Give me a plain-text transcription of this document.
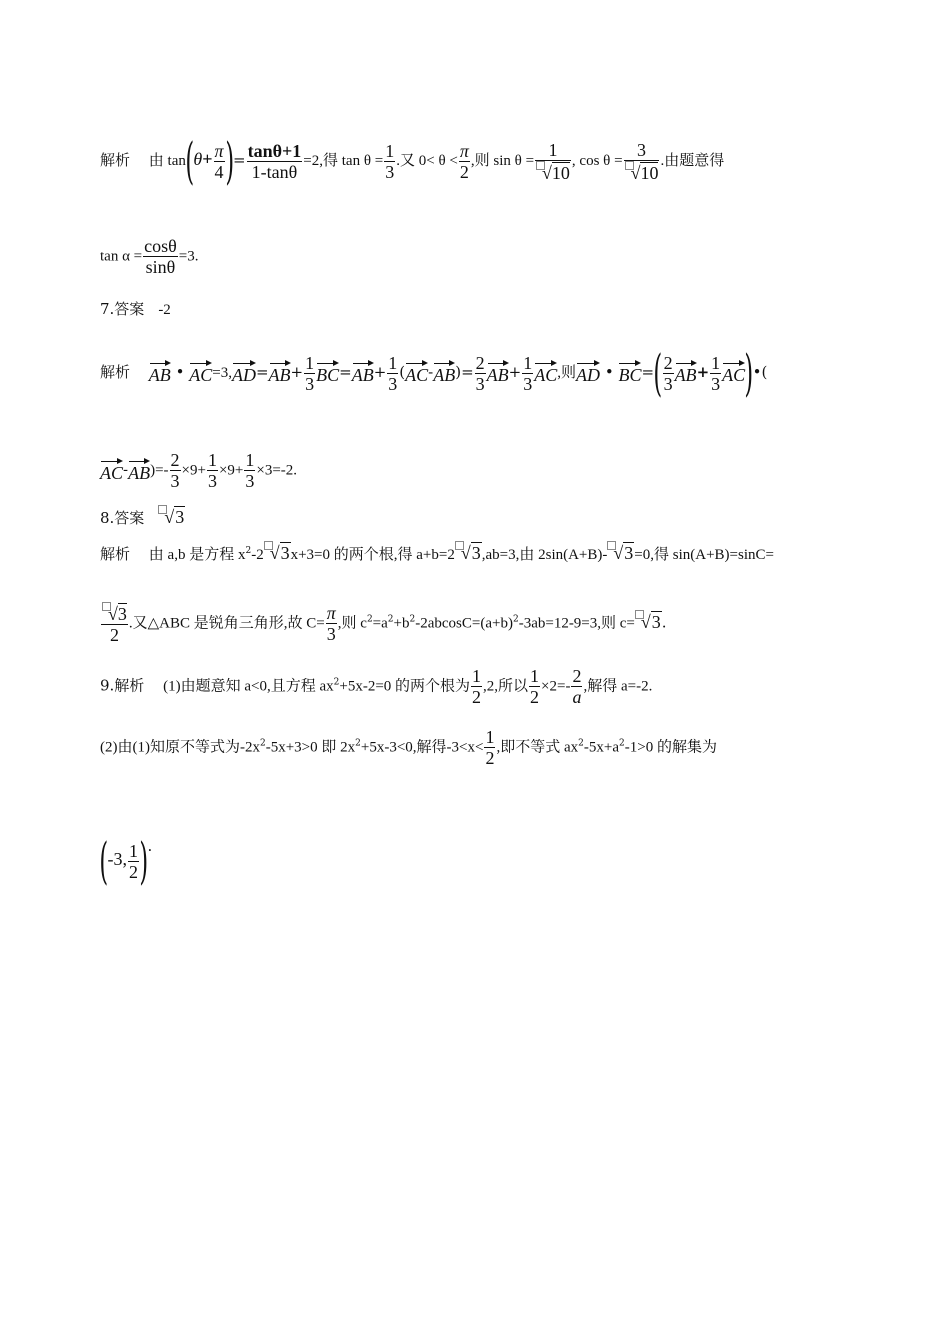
解析 由 $\tan(\theta+ \frac{\pi}{4}$ )= $\frac{\tan\theta+1}{1-\tan\theta} =2$,得 $\tan \theta = \frac{1}{3}$ .又 $0< \theta < \frac{\pi}{2}$ ,则 $\sin \theta = \frac{1}{√10}$ , $\cos \theta = \frac{3}{√10}$ .由题意得
$\tan \alpha = \frac{\cos\theta}{\sin\theta} =3$.
7.答案 -2
解析 AB • $AC=3,AD=AB+ \frac{1}{3} BC=AB+ \frac{1}{3} (AC-AB)= \frac{2}{3} AB+ \frac{1}{3}$ AC,则AD • $BC=( \frac{2}{3} AB+ \frac{1}{3}$ AC)•(
$AC-AB)=- \frac{2}{3} \times 9+ \frac{1}{3} \times 9+ \frac{1}{3} \times 3=-2$.
8.答案 √3
解析 由 a,b 是方程 $x^2-2$ √3x+3=0 的两个根,得 a+b=2 √3,ab=3,由 2sin(A+B)- √3=0,得 sin(A+B)=sinC=
$\frac{√3}{2}$ .又△ABC 是锐角三角形,故 $C= \frac{\pi}{3}$ ,则 $c^2=a^2+b^2-2abcosC=(a+b)^2-3ab=12-9=3$,则 c= √3.
9.解析 (1)由题意知 a<0,且方程 $ax^2+5x-2=0$ 的两个根为 $\frac{1}{2} ,2$,所以 $\frac{1}{2} \times 2=- \frac{2}{a}$ ,解得 a=-2.
(2)由(1)知原不等式为$-2x^2-5x+3>0$ 即 $2x^2+5x-3<0$,解得$-3<x< \frac{1}{2}$ ,即不等式 $ax^2-5x+a^2-1>0$ 的解集为
(-3, $\frac{1}{2}$ ).
